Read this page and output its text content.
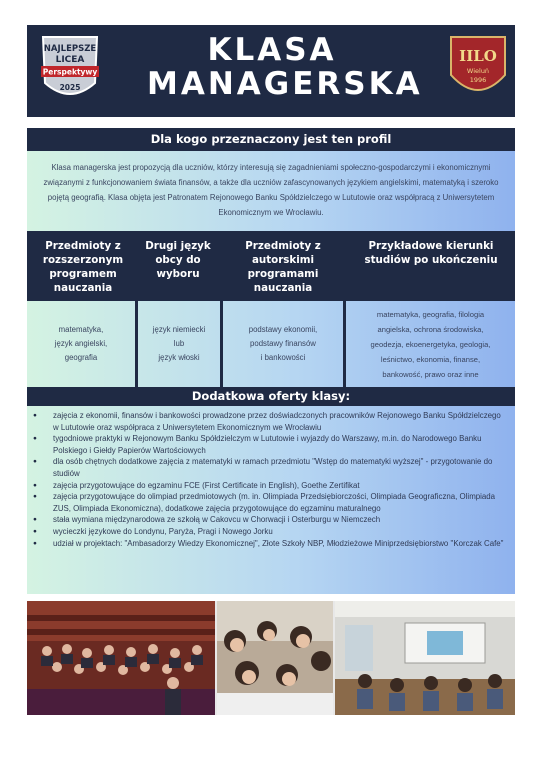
NAJLEPSZE
LICEA
Perspektywy
2025
KLASA
MANAGERSKA
IILO
Wieluń
1996
Dla kogo przeznaczony jest ten profil

Klasa managerska jest propozycją dla uczniów, którzy interesują się zagadnieniami społeczno-gospodarczymi i ekonomicznymi związanymi z funkcjonowaniem świata finansów, a także dla uczniów zafascynowanych językiem angielskimi, matematyką i szeroko pojętą geografią. Klasa objęta jest Patronatem Rejonowego Banku Spółdzielczego w Lututowie oraz współpracą z Uniwersytetem Ekonomicznym we Wrocławiu.

Przedmioty z rozszerzonym programem nauczania
Drugi język obcy do wyboru
Przedmioty z autorskimi programami nauczania
Przykładowe kierunki studiów po ukończeniu
matematyka,
język angielski,
geografia
język niemiecki
lub
język włoski
podstawy ekonomii,
podstawy finansów
i bankowości
matematyka, geografia, filologia
angielska, ochrona środowiska,
geodezja, ekoenergetyka, geologia,
leśnictwo, ekonomia, finanse,
bankowość, prawo oraz inne
Dodatkowa oferty klasy:
● zajęcia z ekonomii, finansów i bankowości prowadzone przez doświadczonych pracowników Rejonowego Banku Spółdzielczego w Lututowie oraz współpraca z Uniwersytetem Ekonomicznym we Wrocławiu
● tygodniowe praktyki w Rejonowym Banku Spółdzielczym w Lututowie i wyjazdy do Warszawy, m.in. do Narodowego Banku Polskiego i Giełdy Papierów Wartościowych
● dla osób chętnych dodatkowe zajęcia z matematyki w ramach przedmiotu "Wstęp do matematyki wyższej" - przygotowanie do studiów
● zajęcia przygotowujące do egzaminu FCE (First Certificate in English), Goethe Zertifikat
● zajęcia przygotowujące do olimpiad przedmiotowych (m. in. Olimpiada Przedsiębiorczości, Olimpiada Geograficzna, Olimpiada ZUS, Olimpiada Ekonomiczna), dodatkowe zajęcia przygotowujące do egzaminu maturalnego
● stała wymiana międzynarodowa ze szkołą w Cakovcu w Chorwacji i Osterburgu w Niemczech
● wycieczki językowe do Londynu, Paryża, Pragi i Nowego Jorku
● udział w projektach: "Ambasadorzy Wiedzy Ekonomicznej", Złote Szkoły NBP, Młodzieżowe Miniprzedsiębiorstwo "Korczak Cafe"
